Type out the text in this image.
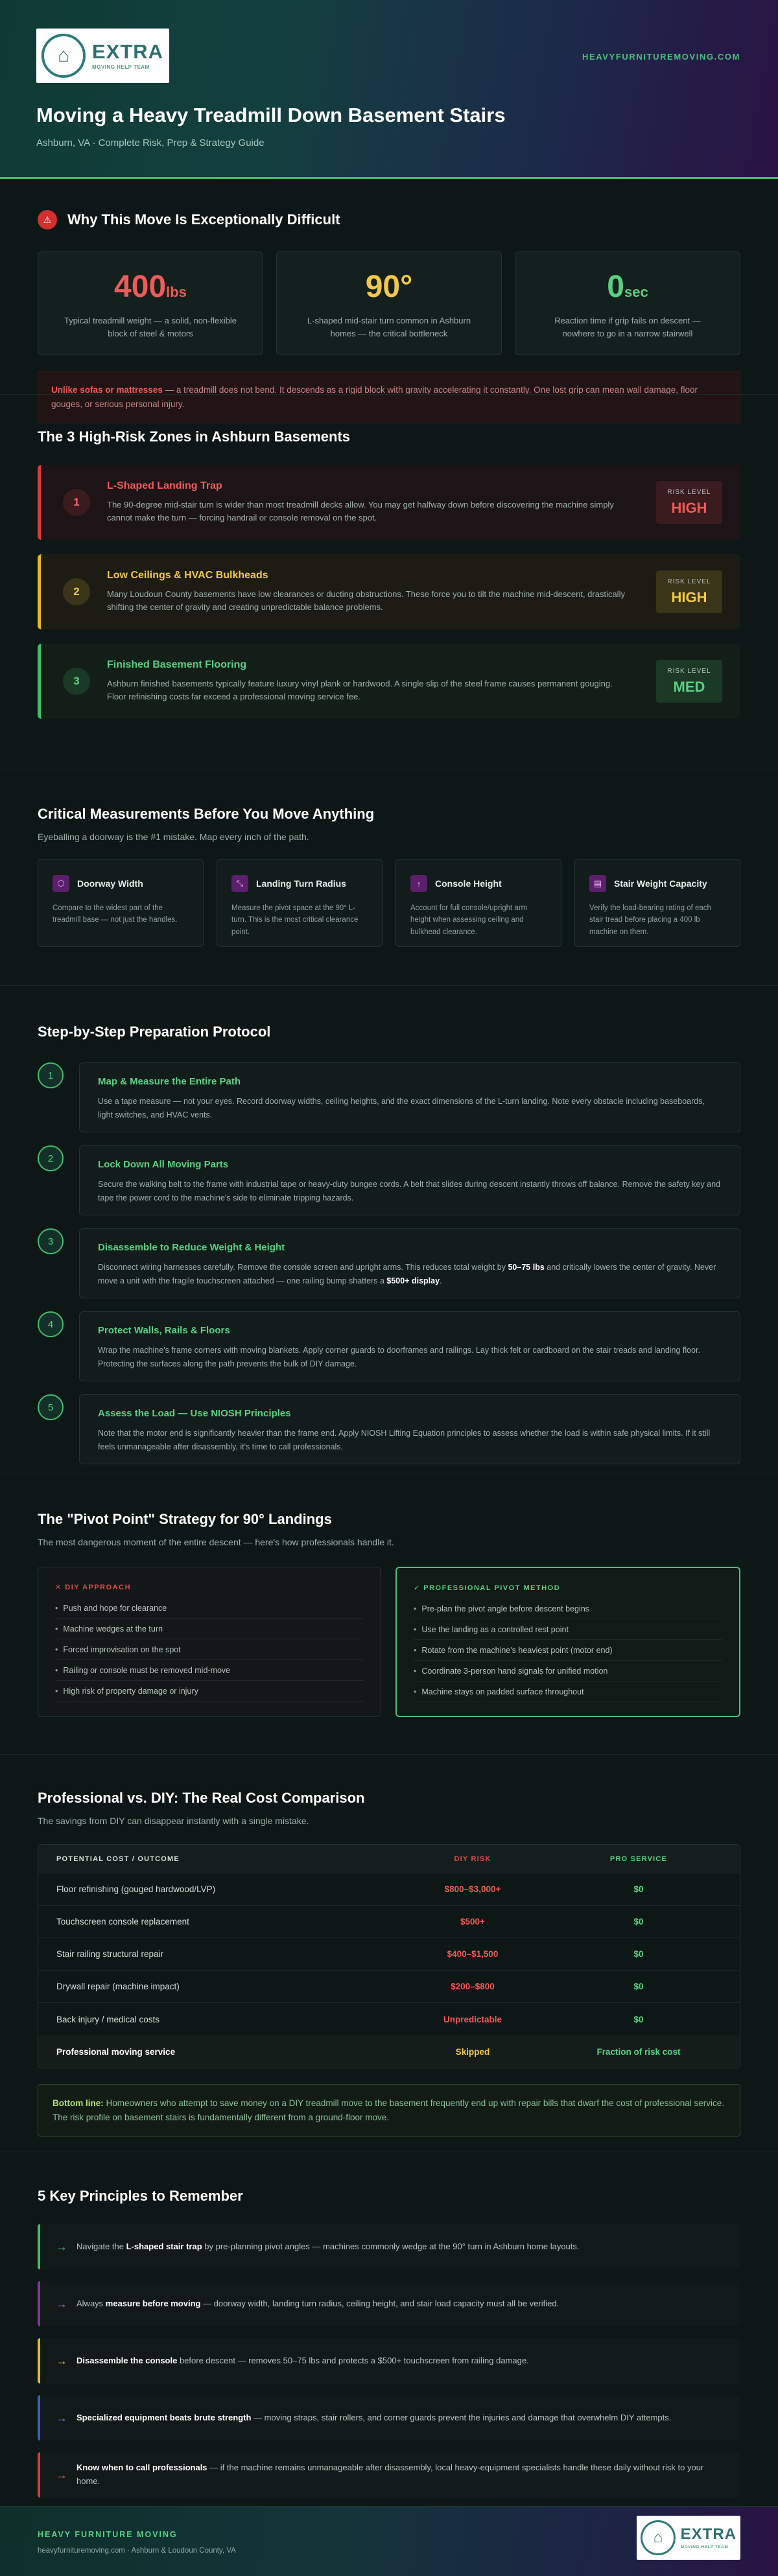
⌂	EXTRA
MOVING HELP TEAM
HEAVYFURNITUREMOVING.COM
Moving a Heavy Treadmill Down Basement Stairs

Ashburn, VA · Complete Risk, Prep & Strategy Guide

⚠	Why This Move Is Exceptionally Difficult
400lbs
Typical treadmill weight — a solid, non-flexible block of steel & motors
90°
L-shaped mid-stair turn common in Ashburn homes — the critical bottleneck
0sec
Reaction time if grip fails on descent — nowhere to go in a narrow stairwell
Unlike sofas or mattresses — a treadmill does not bend. It descends as a rigid block with gravity accelerating it constantly. One lost grip can mean wall damage, floor gouges, or serious personal injury.
The 3 High-Risk Zones in Ashburn Basements
1
L-Shaped Landing Trap
The 90-degree mid-stair turn is wider than most treadmill decks allow. You may get halfway down before discovering the machine simply cannot make the turn — forcing handrail or console removal on the spot.
RISK LEVEL
HIGH
2
Low Ceilings & HVAC Bulkheads
Many Loudoun County basements have low clearances or ducting obstructions. These force you to tilt the machine mid-descent, drastically shifting the center of gravity and creating unpredictable balance problems.
RISK LEVEL
HIGH
3
Finished Basement Flooring
Ashburn finished basements typically feature luxury vinyl plank or hardwood. A single slip of the steel frame causes permanent gouging. Floor refinishing costs far exceed a professional moving service fee.
RISK LEVEL
MED
Critical Measurements Before You Move Anything

Eyeballing a doorway is the #1 mistake. Map every inch of the path.

⬡	Doorway Width
Compare to the widest part of the treadmill base — not just the handles.
⤡	Landing Turn Radius
Measure the pivot space at the 90° L-turn. This is the most critical clearance point.
↑	Console Height
Account for full console/upright arm height when assessing ceiling and bulkhead clearance.
▤	Stair Weight Capacity
Verify the load-bearing rating of each stair tread before placing a 400 lb machine on them.
Step-by-Step Preparation Protocol
1
Map & Measure the Entire Path
Use a tape measure — not your eyes. Record doorway widths, ceiling heights, and the exact dimensions of the L-turn landing. Note every obstacle including baseboards, light switches, and HVAC vents.
2
Lock Down All Moving Parts
Secure the walking belt to the frame with industrial tape or heavy-duty bungee cords. A belt that slides during descent instantly throws off balance. Remove the safety key and tape the power cord to the machine's side to eliminate tripping hazards.
3
Disassemble to Reduce Weight & Height
Disconnect wiring harnesses carefully. Remove the console screen and upright arms. This reduces total weight by 50–75 lbs and critically lowers the center of gravity. Never move a unit with the fragile touchscreen attached — one railing bump shatters a $500+ display.
4
Protect Walls, Rails & Floors
Wrap the machine's frame corners with moving blankets. Apply corner guards to doorframes and railings. Lay thick felt or cardboard on the stair treads and landing floor. Protecting the surfaces along the path prevents the bulk of DIY damage.
5
Assess the Load — Use NIOSH Principles
Note that the motor end is significantly heavier than the frame end. Apply NIOSH Lifting Equation principles to assess whether the load is within safe physical limits. If it still feels unmanageable after disassembly, it's time to call professionals.
The "Pivot Point" Strategy for 90° Landings

The most dangerous moment of the entire descent — here's how professionals handle it.

✕ DIY APPROACH
• Push and hope for clearance
• Machine wedges at the turn
• Forced improvisation on the spot
• Railing or console must be removed mid-move
• High risk of property damage or injury
✓ PROFESSIONAL PIVOT METHOD
• Pre-plan the pivot angle before descent begins
• Use the landing as a controlled rest point
• Rotate from the machine's heaviest point (motor end)
• Coordinate 3-person hand signals for unified motion
• Machine stays on padded surface throughout
Professional vs. DIY: The Real Cost Comparison

The savings from DIY can disappear instantly with a single mistake.

POTENTIAL COST / OUTCOME	DIY RISK	PRO SERVICE
Floor refinishing (gouged hardwood/LVP)	$800–$3,000+	$0
Touchscreen console replacement	$500+	$0
Stair railing structural repair	$400–$1,500	$0
Drywall repair (machine impact)	$200–$800	$0
Back injury / medical costs	Unpredictable	$0
Professional moving service	Skipped	Fraction of risk cost
Bottom line: Homeowners who attempt to save money on a DIY treadmill move to the basement frequently end up with repair bills that dwarf the cost of professional service. The risk profile on basement stairs is fundamentally different from a ground-floor move.
5 Key Principles to Remember
→	Navigate the L-shaped stair trap by pre-planning pivot angles — machines commonly wedge at the 90° turn in Ashburn home layouts.
→	Always measure before moving — doorway width, landing turn radius, ceiling height, and stair load capacity must all be verified.
→	Disassemble the console before descent — removes 50–75 lbs and protects a $500+ touchscreen from railing damage.
→	Specialized equipment beats brute strength — moving straps, stair rollers, and corner guards prevent the injuries and damage that overwhelm DIY attempts.
→
Know when to call professionals — if the machine remains unmanageable after disassembly, local heavy-equipment specialists handle these daily without risk to your home.
HEAVY FURNITURE MOVING
heavyfurnituremoving.com · Ashburn & Loudoun County, VA
⌂	EXTRA
MOVING HELP TEAM
